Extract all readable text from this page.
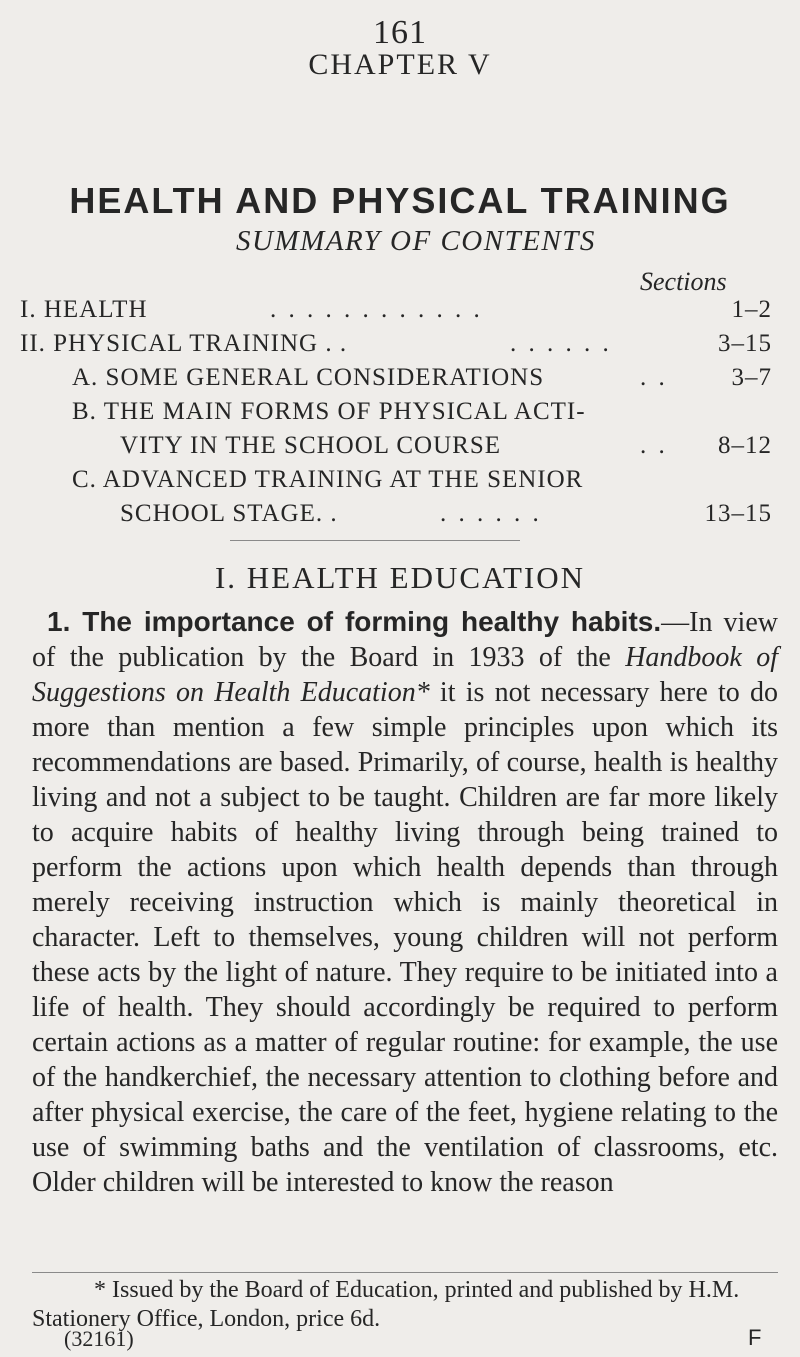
161
CHAPTER V
HEALTH AND PHYSICAL TRAINING
SUMMARY OF CONTENTS
Sections
I. HEALTH	. . . . . . . . . . . .	1–2
II. PHYSICAL TRAINING . .	. . . . . .	3–15
A. SOME GENERAL CONSIDERATIONS	. .	3–7
B. THE MAIN FORMS OF PHYSICAL ACTI-
VITY IN THE SCHOOL COURSE	. . 8–12
C. ADVANCED TRAINING AT THE SENIOR
SCHOOL STAGE. .	. . . . . .	13–15
I. HEALTH EDUCATION
1. The importance of forming healthy habits.—In view of the publication by the Board in 1933 of the Handbook of Suggestions on Health Education* it is not necessary here to do more than mention a few simple principles upon which its recommendations are based. Primarily, of course, health is healthy living and not a subject to be taught. Children are far more likely to acquire habits of healthy living through being trained to perform the actions upon which health depends than through merely receiving instruction which is mainly theoretical in character. Left to themselves, young children will not perform these acts by the light of nature. They require to be initiated into a life of health. They should accordingly be required to perform certain actions as a matter of regular routine: for example, the use of the handkerchief, the necessary attention to clothing before and after physical exercise, the care of the feet, hygiene relating to the use of swimming baths and the ventilation of classrooms, etc. Older children will be interested to know the reason
* Issued by the Board of Education, printed and published by H.M. Stationery Office, London, price 6d.
(32161)	F
